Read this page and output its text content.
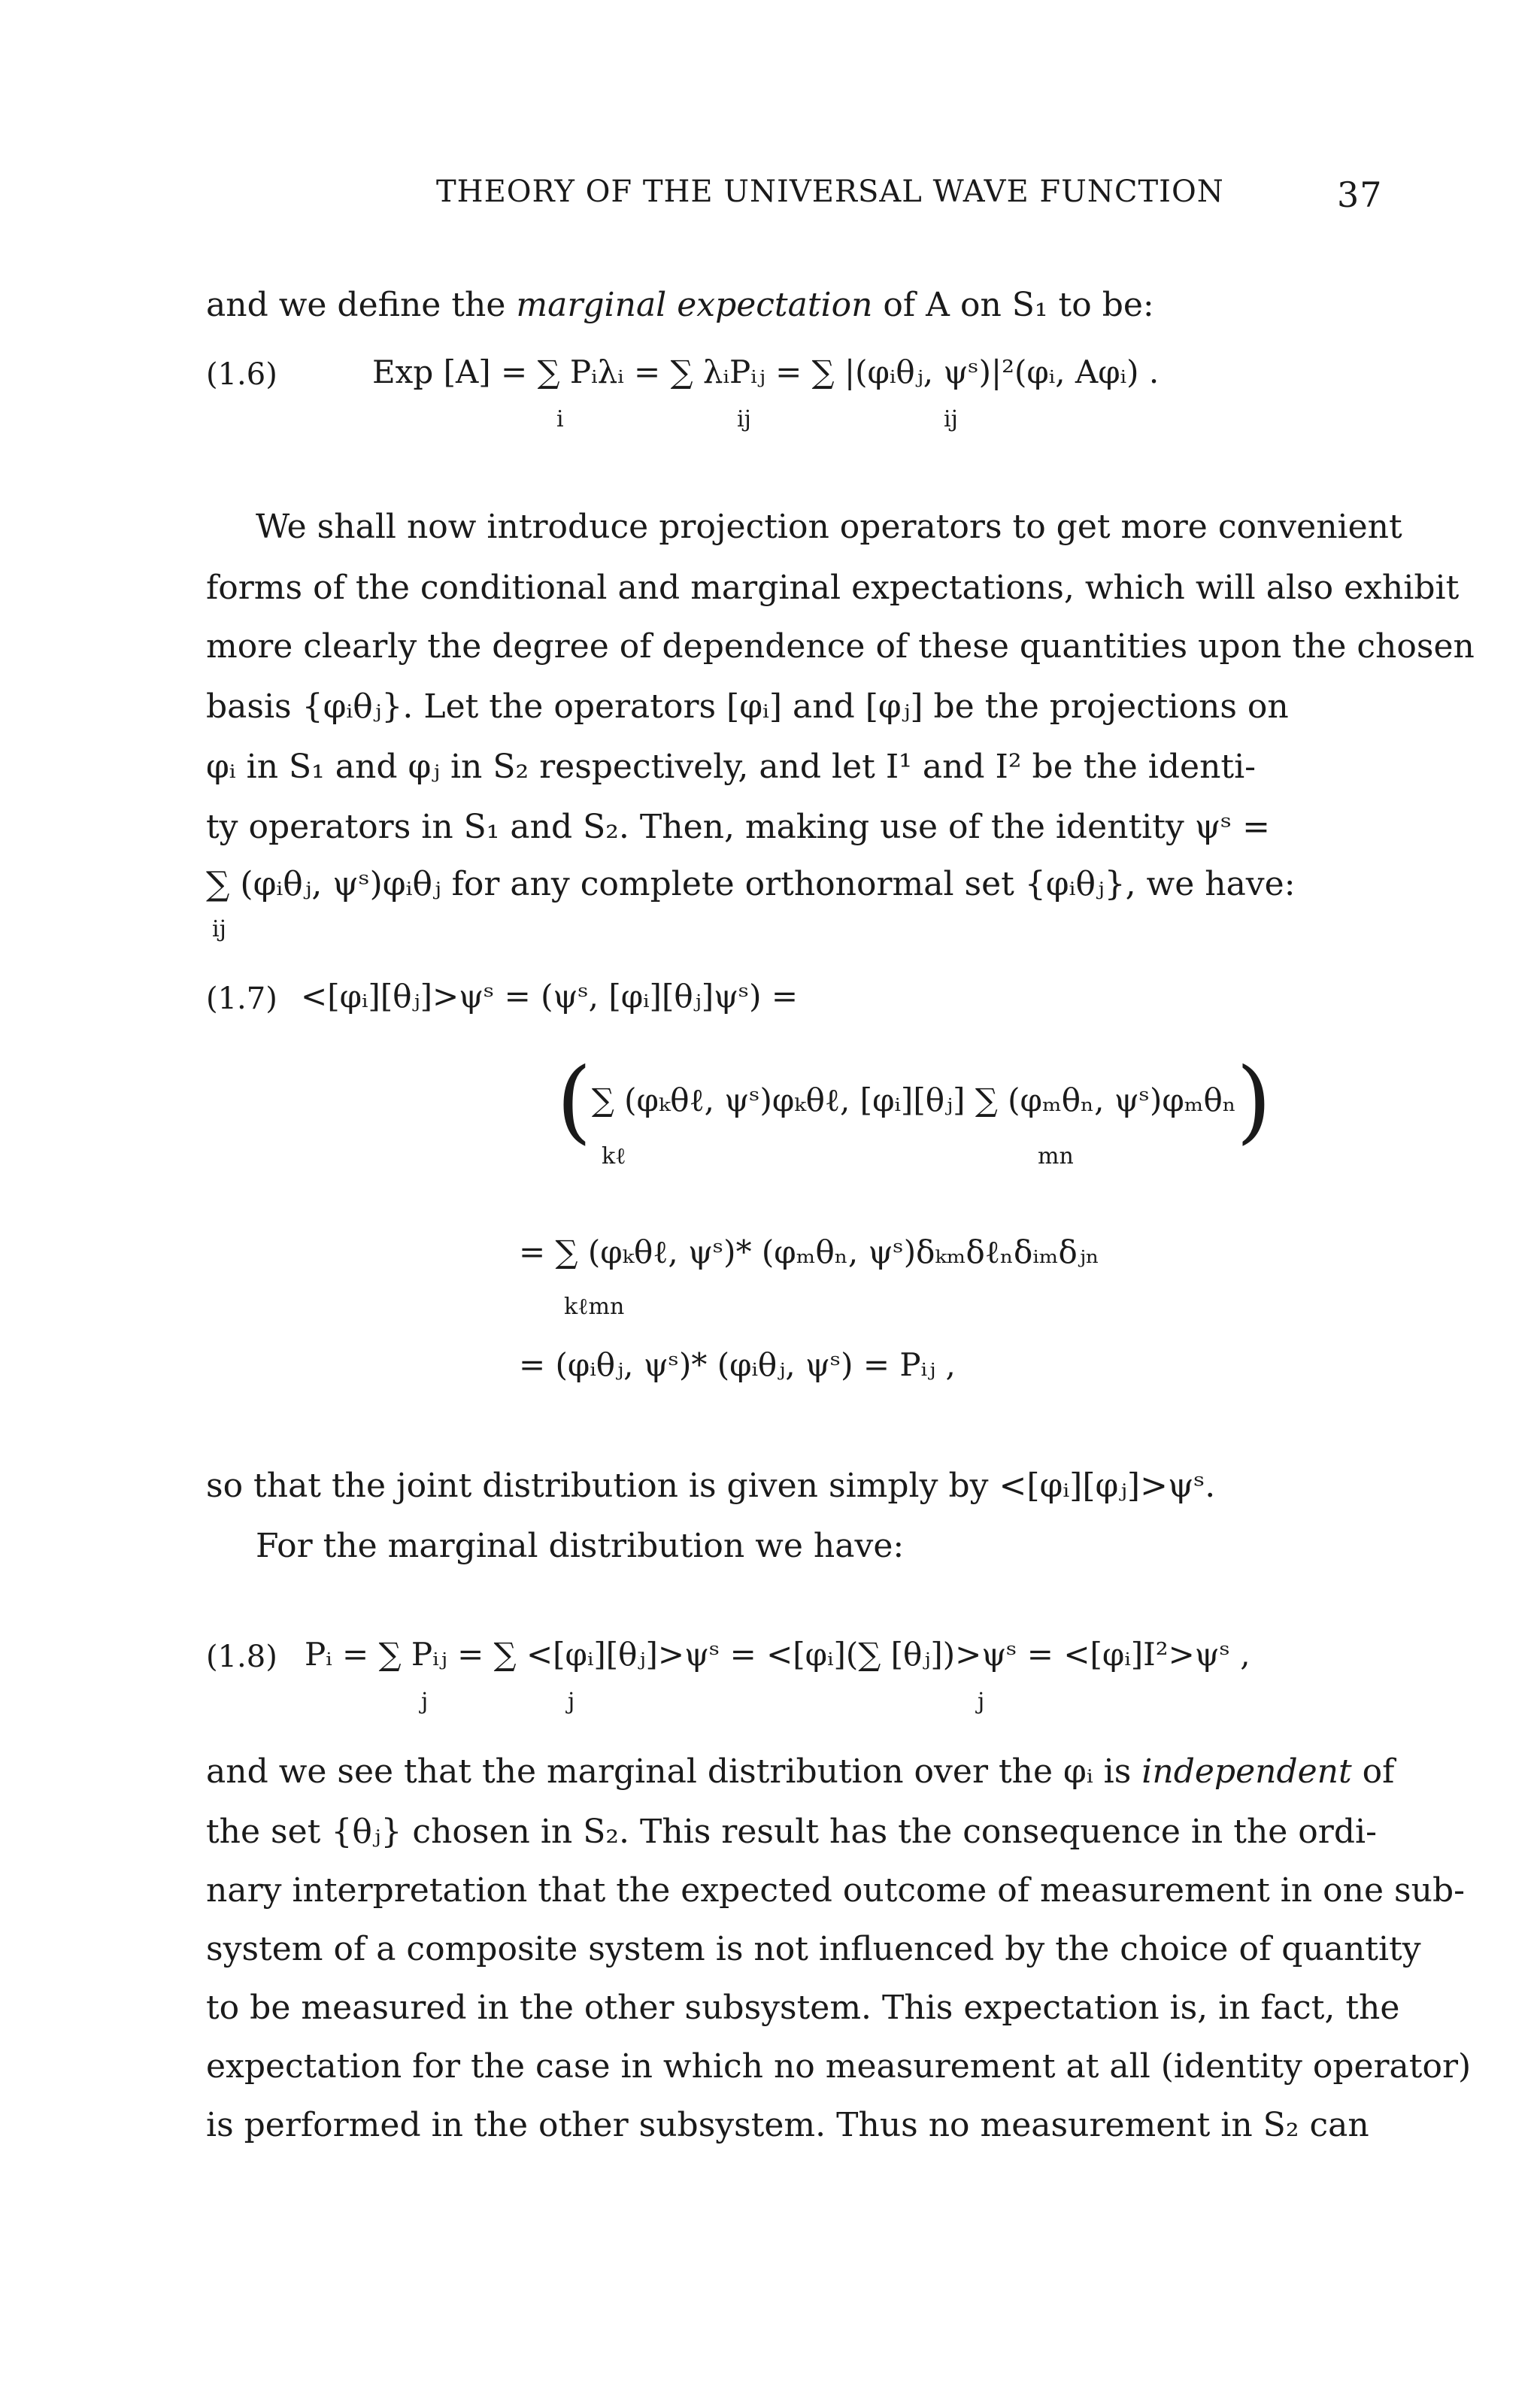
THEORY OF THE UNIVERSAL WAVE FUNCTION	37
and we define the marginal expectation of A on S₁ to be:
(1.6)	Exp [A] = ∑ Pᵢλᵢ = ∑ λᵢPᵢⱼ = ∑ |(φᵢθⱼ, ψˢ)|²(φᵢ, Aφᵢ) .
i	ij	ij
We shall now introduce projection operators to get more convenient
forms of the conditional and marginal expectations, which will also exhibit
more clearly the degree of dependence of these quantities upon the chosen
basis {φᵢθⱼ}. Let the operators [φᵢ] and [φⱼ] be the projections on
φᵢ in S₁ and φⱼ in S₂ respectively, and let I¹ and I² be the identi-
ty operators in S₁ and S₂. Then, making use of the identity ψˢ =
∑ (φᵢθⱼ, ψˢ)φᵢθⱼ for any complete orthonormal set {φᵢθⱼ}, we have:
ij
(1.7) <[φᵢ][θⱼ]>ψˢ = (ψˢ, [φᵢ][θⱼ]ψˢ) =
(∑ (φₖθℓ, ψˢ)φₖθℓ, [φᵢ][θⱼ] ∑ (φₘθₙ, ψˢ)φₘθₙ)
kℓ	mn
= ∑ (φₖθℓ, ψˢ)* (φₘθₙ, ψˢ)δₖₘδℓₙδᵢₘδⱼₙ
kℓmn
= (φᵢθⱼ, ψˢ)* (φᵢθⱼ, ψˢ) = Pᵢⱼ ,
so that the joint distribution is given simply by <[φᵢ][φⱼ]>ψˢ.
For the marginal distribution we have:
(1.8) Pᵢ = ∑ Pᵢⱼ = ∑ <[φᵢ][θⱼ]>ψˢ = <[φᵢ](∑ [θⱼ])>ψˢ = <[φᵢ]I²>ψˢ ,
j	j	j
and we see that the marginal distribution over the φᵢ is independent of
the set {θⱼ} chosen in S₂. This result has the consequence in the ordi-
nary interpretation that the expected outcome of measurement in one sub-
system of a composite system is not influenced by the choice of quantity
to be measured in the other subsystem. This expectation is, in fact, the
expectation for the case in which no measurement at all (identity operator)
is performed in the other subsystem. Thus no measurement in S₂ can
